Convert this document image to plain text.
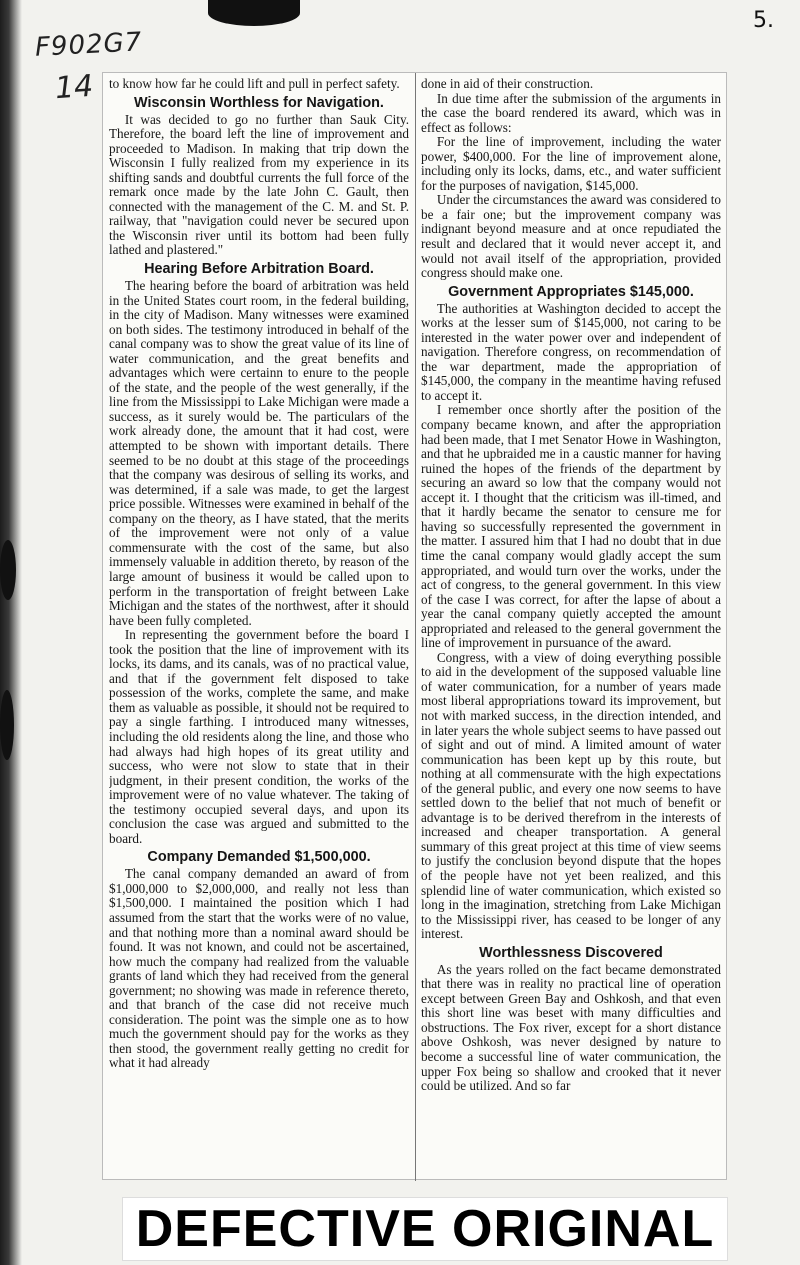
F902G7
14
5.

to know how far he could lift and pull in perfect safety.

Wisconsin Worthless for Navigation.

It was decided to go no further than Sauk City. Therefore, the board left the line of improvement and proceeded to Madison. In making that trip down the Wisconsin I fully realized from my experience in its shifting sands and doubtful currents the full force of the remark once made by the late John C. Gault, then connected with the management of the C. M. and St. P. railway, that "navigation could never be secured upon the Wisconsin river until its bottom had been fully lathed and plastered."

Hearing Before Arbitration Board.

The hearing before the board of arbitration was held in the United States court room, in the federal building, in the city of Madison. Many witnesses were examined on both sides. The testimony introduced in behalf of the canal company was to show the great value of its line of water communication, and the great benefits and advantages which were certainn to enure to the people of the state, and the people of the west generally, if the line from the Mississippi to Lake Michigan were made a success, as it surely would be. The particulars of the work already done, the amount that it had cost, were attempted to be shown with important details. There seemed to be no doubt at this stage of the proceedings that the company was desirous of selling its works, and was determined, if a sale was made, to get the largest price possible. Witnesses were examined in behalf of the company on the theory, as I have stated, that the merits of the improvement were not only of a value commensurate with the cost of the same, but also immensely valuable in addition thereto, by reason of the large amount of business it would be called upon to perform in the transportation of freight between Lake Michigan and the states of the northwest, after it should have been fully completed.

In representing the government before the board I took the position that the line of improvement with its locks, its dams, and its canals, was of no practical value, and that if the government felt disposed to take possession of the works, complete the same, and make them as valuable as possible, it should not be required to pay a single farthing. I introduced many witnesses, including the old residents along the line, and those who had always had high hopes of its great utility and success, who were not slow to state that in their judgment, in their present condition, the works of the improvement were of no value whatever. The taking of the testimony occupied several days, and upon its conclusion the case was argued and submitted to the board.

Company Demanded $1,500,000.

The canal company demanded an award of from $1,000,000 to $2,000,000, and really not less than $1,500,000. I maintained the position which I had assumed from the start that the works were of no value, and that nothing more than a nominal award should be found. It was not known, and could not be ascertained, how much the company had realized from the valuable grants of land which they had received from the general government; no showing was made in reference thereto, and that branch of the case did not receive much consideration. The point was the simple one as to how much the government should pay for the works as they then stood, the government really getting no credit for what it had already

done in aid of their construction.

In due time after the submission of the arguments in the case the board rendered its award, which was in effect as follows:

For the line of improvement, including the water power, $400,000. For the line of improvement alone, including only its locks, dams, etc., and water sufficient for the purposes of navigation, $145,000.

Under the circumstances the award was considered to be a fair one; but the improvement company was indignant beyond measure and at once repudiated the result and declared that it would never accept it, and would not avail itself of the appropriation, provided congress should make one.

Government Appropriates $145,000.

The authorities at Washington decided to accept the works at the lesser sum of $145,000, not caring to be interested in the water power over and independent of navigation. Therefore congress, on recommendation of the war department, made the appropriation of $145,000, the company in the meantime having refused to accept it.

I remember once shortly after the position of the company became known, and after the appropriation had been made, that I met Senator Howe in Washington, and that he upbraided me in a caustic manner for having ruined the hopes of the friends of the department by securing an award so low that the company would not accept it. I thought that the criticism was ill-timed, and that it hardly became the senator to censure me for having so successfully represented the government in the matter. I assured him that I had no doubt that in due time the canal company would gladly accept the sum appropriated, and would turn over the works, under the act of congress, to the general government. In this view of the case I was correct, for after the lapse of about a year the canal company quietly accepted the amount appropriated and released to the general government the line of improvement in pursuance of the award.

Congress, with a view of doing everything possible to aid in the development of the supposed valuable line of water communication, for a number of years made most liberal appropriations toward its improvement, but not with marked success, in the direction intended, and in later years the whole subject seems to have passed out of sight and out of mind. A limited amount of water communication has been kept up by this route, but nothing at all commensurate with the high expectations of the general public, and every one now seems to have settled down to the belief that not much of benefit or advantage is to be derived therefrom in the interests of increased and cheaper transportation. A general summary of this great project at this time of view seems to justify the conclusion beyond dispute that the hopes of the people have not yet been realized, and this splendid line of water communication, which existed so long in the imagination, stretching from Lake Michigan to the Mississippi river, has ceased to be longer of any interest.

Worthlessness Discovered

As the years rolled on the fact became demonstrated that there was in reality no practical line of operation except between Green Bay and Oshkosh, and that even this short line was beset with many difficulties and obstructions. The Fox river, except for a short distance above Oshkosh, was never designed by nature to become a successful line of water communication, the upper Fox being so shallow and crooked that it never could be utilized. And so far

DEFECTIVE ORIGINAL
